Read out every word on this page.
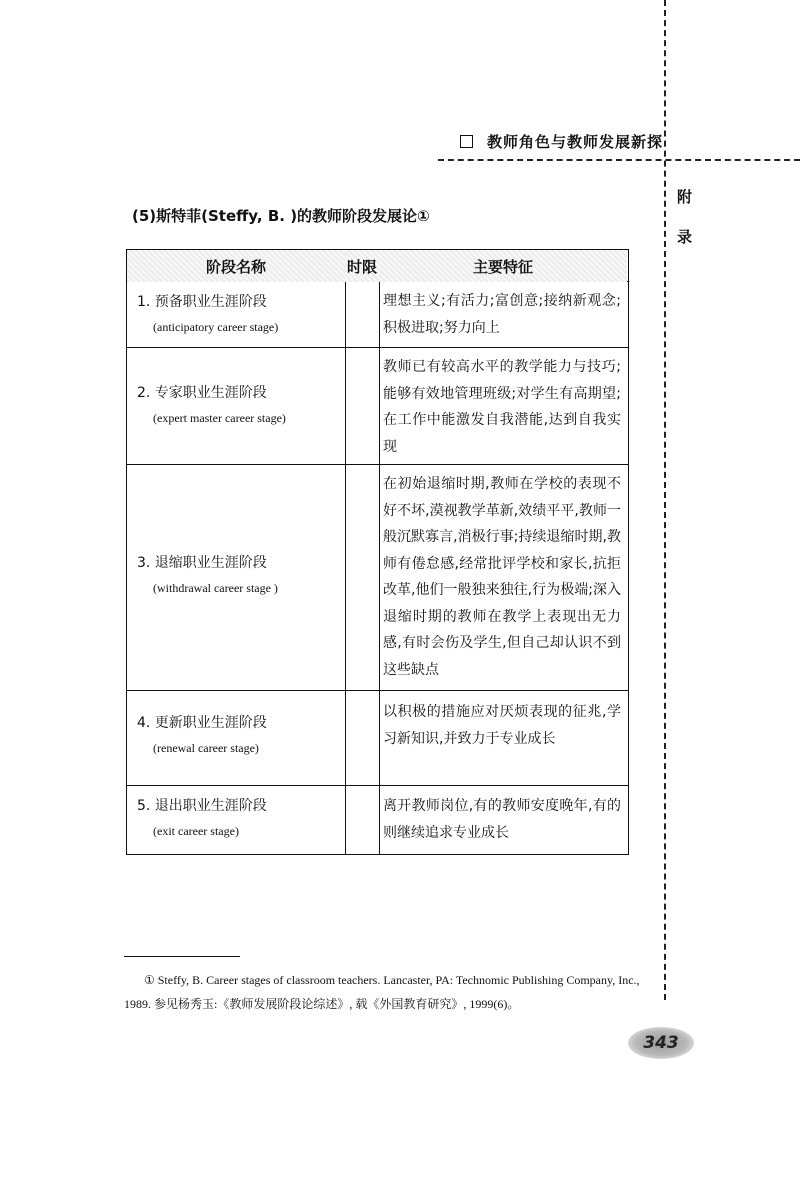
教师角色与教师发展新探
附
录
(5)斯特菲(Steffy, B. )的教师阶段发展论①
阶段名称	时限	主要特征
1. 预备职业生涯阶段
(anticipatory career stage)
理想主义;有活力;富创意;接纳新观念;积极进取;努力向上
2. 专家职业生涯阶段
(expert master career stage)
教师已有较高水平的教学能力与技巧;能够有效地管理班级;对学生有高期望;在工作中能激发自我潜能,达到自我实现
3. 退缩职业生涯阶段
(withdrawal career stage )
在初始退缩时期,教师在学校的表现不好不坏,漠视教学革新,效绩平平,教师一般沉默寡言,消极行事;持续退缩时期,教师有倦怠感,经常批评学校和家长,抗拒改革,他们一般独来独往,行为极端;深入退缩时期的教师在教学上表现出无力感,有时会伤及学生,但自己却认识不到这些缺点
4. 更新职业生涯阶段
(renewal career stage)
以积极的措施应对厌烦表现的征兆,学习新知识,并致力于专业成长
5. 退出职业生涯阶段
(exit career stage)
离开教师岗位,有的教师安度晚年,有的则继续追求专业成长
① Steffy, B. Career stages of classroom teachers. Lancaster, PA: Technomic Publishing Company, Inc., 1989. 参见杨秀玉:《教师发展阶段论综述》, 载《外国教育研究》, 1999(6)。
343
